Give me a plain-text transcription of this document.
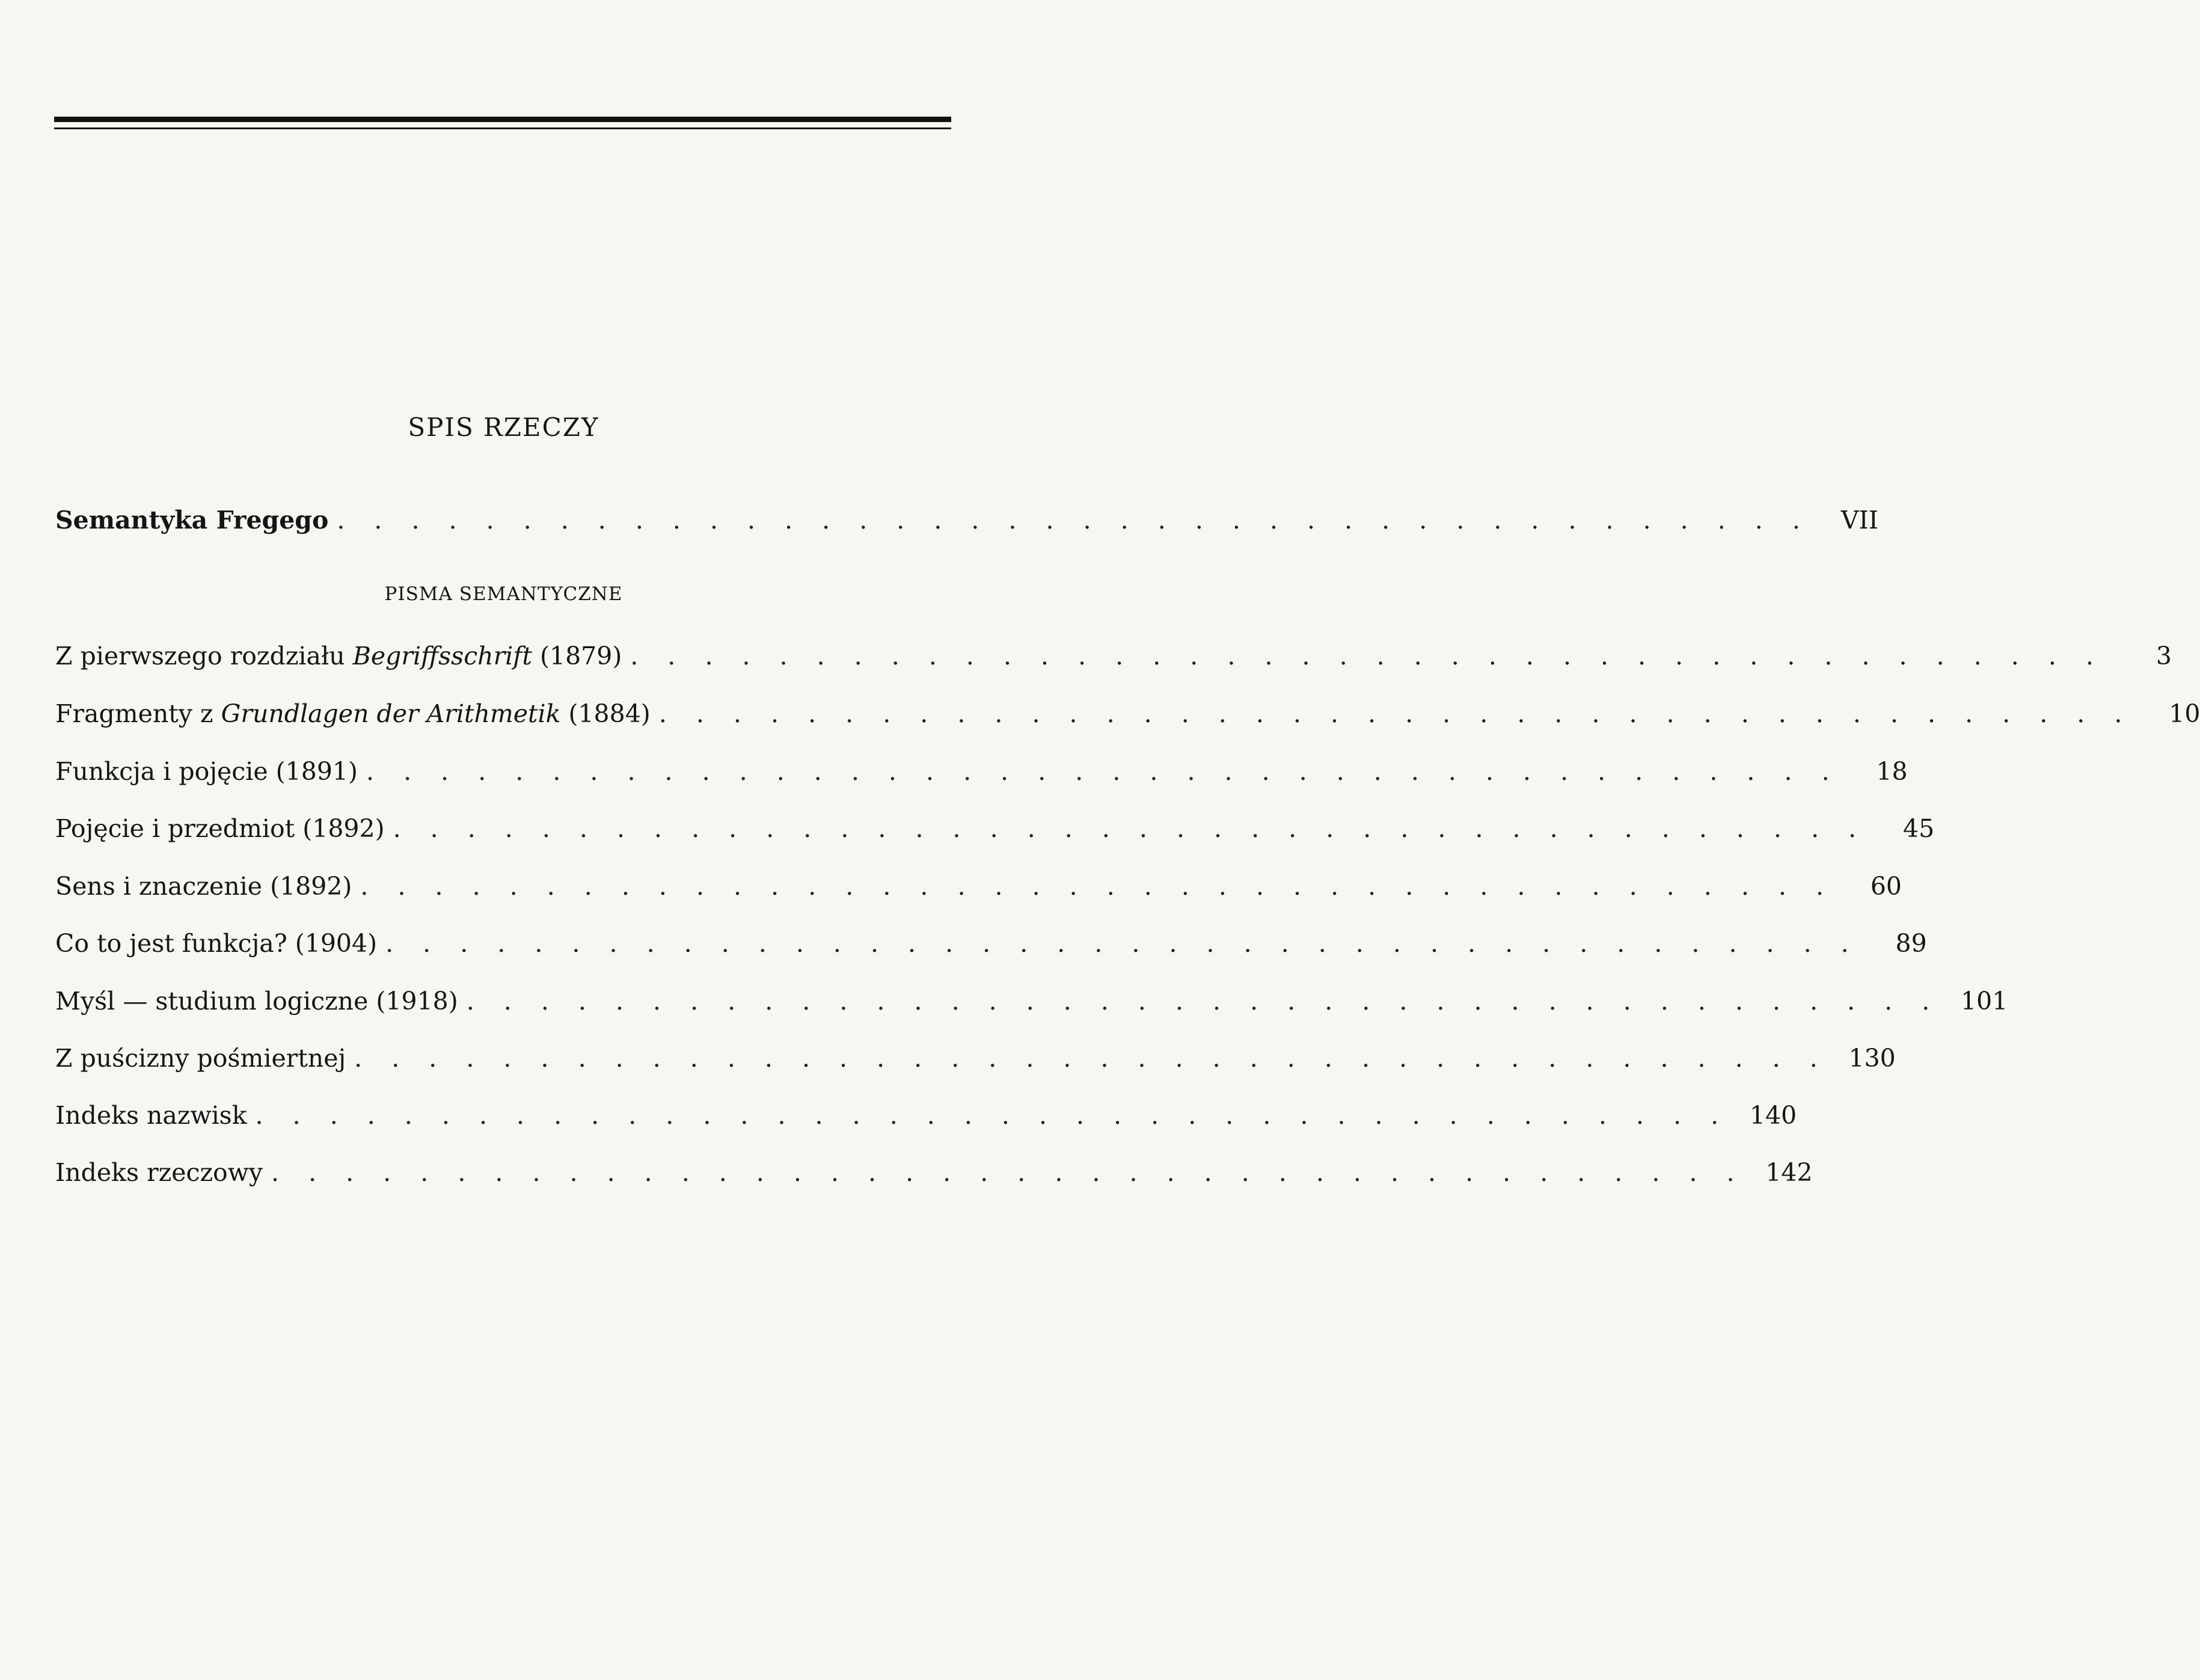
SPIS RZECZY
Semantyka Fregego . . . . . . . . . . . . . . . . . . . . . . . . . . . . . . . . . . . . . . . .	VII
PISMA SEMANTYCZNE
Z pierwszego rozdziału Begriffsschrift (1879) . . . . . . . . . . . . . . . . . . . . . . . . . . . . . . . . . . . . . . . .	3
Fragmenty z Grundlagen der Arithmetik (1884) . . . . . . . . . . . . . . . . . . . . . . . . . . . . . . . . . . . . . . . .	10
Funkcja i pojęcie (1891) . . . . . . . . . . . . . . . . . . . . . . . . . . . . . . . . . . . . . . . .	18
Pojęcie i przedmiot (1892) . . . . . . . . . . . . . . . . . . . . . . . . . . . . . . . . . . . . . . . .	45
Sens i znaczenie (1892) . . . . . . . . . . . . . . . . . . . . . . . . . . . . . . . . . . . . . . . .	60
Co to jest funkcja? (1904) . . . . . . . . . . . . . . . . . . . . . . . . . . . . . . . . . . . . . . . .	89
Myśl — studium logiczne (1918) . . . . . . . . . . . . . . . . . . . . . . . . . . . . . . . . . . . . . . . . 101
Z puścizny pośmiertnej . . . . . . . . . . . . . . . . . . . . . . . . . . . . . . . . . . . . . . . . 130
Indeks nazwisk . . . . . . . . . . . . . . . . . . . . . . . . . . . . . . . . . . . . . . . . 140
Indeks rzeczowy . . . . . . . . . . . . . . . . . . . . . . . . . . . . . . . . . . . . . . . . 142
